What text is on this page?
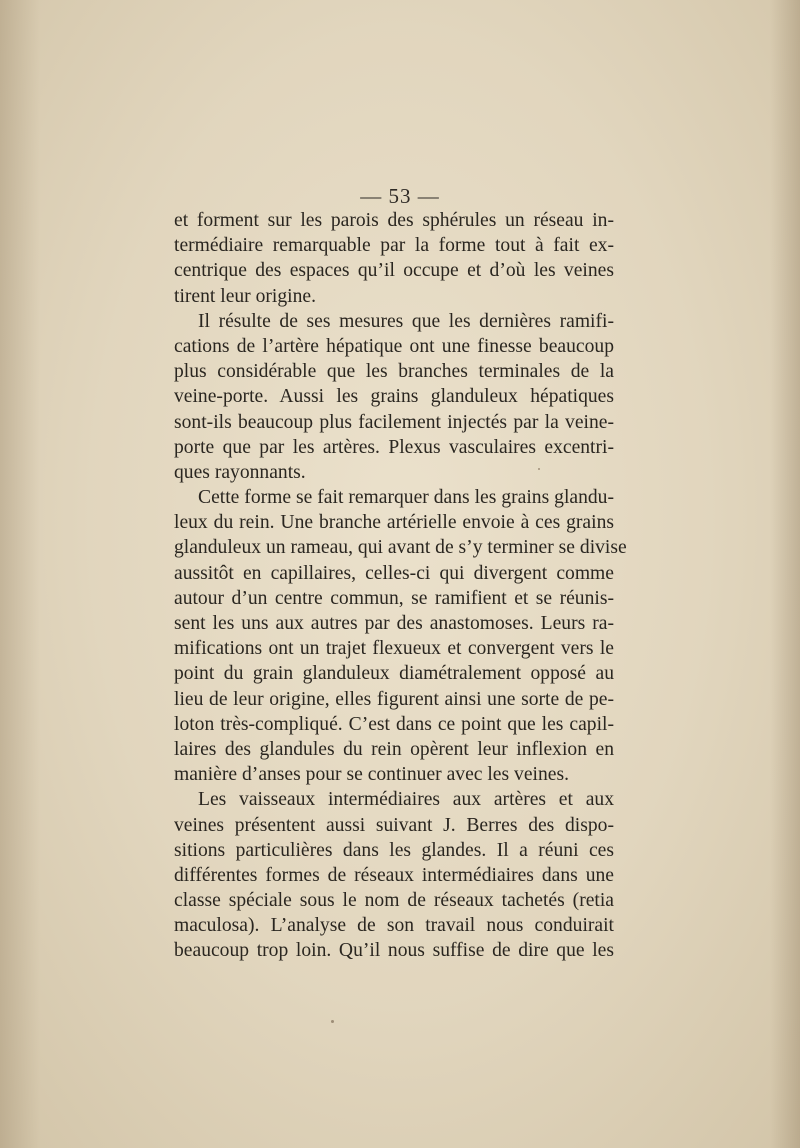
— 53 —
et forment sur les parois des sphérules un réseau in-
termédiaire remarquable par la forme tout à fait ex-
centrique des espaces qu’il occupe et d’où les veines
tirent leur origine.
Il résulte de ses mesures que les dernières ramifi-
cations de l’artère hépatique ont une finesse beaucoup
plus considérable que les branches terminales de la
veine-porte. Aussi les grains glanduleux hépatiques
sont-ils beaucoup plus facilement injectés par la veine-
porte que par les artères. Plexus vasculaires excentri-
ques rayonnants.
Cette forme se fait remarquer dans les grains glandu-
leux du rein. Une branche artérielle envoie à ces grains
glanduleux un rameau, qui avant de s’y terminer se divise
aussitôt en capillaires, celles-ci qui divergent comme
autour d’un centre commun, se ramifient et se réunis-
sent les uns aux autres par des anastomoses. Leurs ra-
mifications ont un trajet flexueux et convergent vers le
point du grain glanduleux diamétralement opposé au
lieu de leur origine, elles figurent ainsi une sorte de pe-
loton très-compliqué. C’est dans ce point que les capil-
laires des glandules du rein opèrent leur inflexion en
manière d’anses pour se continuer avec les veines.
Les vaisseaux intermédiaires aux artères et aux
veines présentent aussi suivant J. Berres des dispo-
sitions particulières dans les glandes. Il a réuni ces
différentes formes de réseaux intermédiaires dans une
classe spéciale sous le nom de réseaux tachetés (retia
maculosa). L’analyse de son travail nous conduirait
beaucoup trop loin. Qu’il nous suffise de dire que les
